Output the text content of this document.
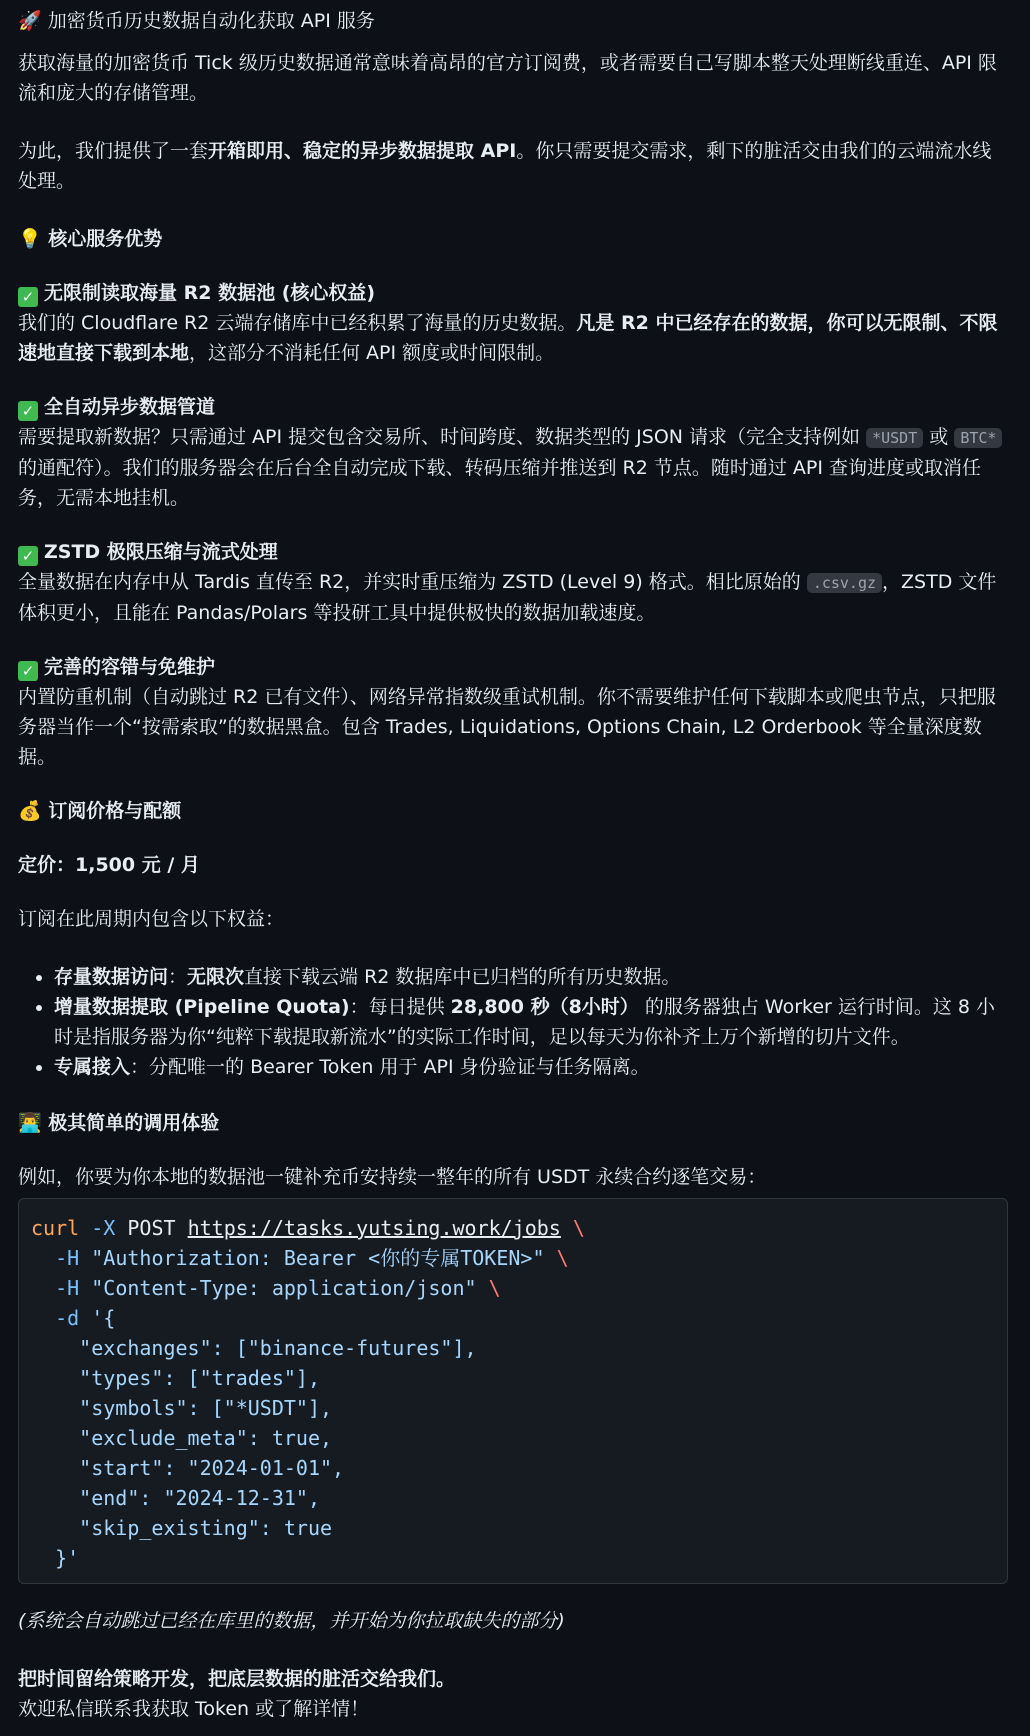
🚀 加密货币历史数据自动化获取 API 服务

获取海量的加密货币 Tick 级历史数据通常意味着高昂的官方订阅费，或者需要自己写脚本整天处理断线重连、API 限流和庞大的存储管理。

为此，我们提供了一套开箱即用、稳定的异步数据提取 API。你只需要提交需求，剩下的脏活交由我们的云端流水线处理。

💡 核心服务优势

✓ 无限制读取海量 R2 数据池 (核心权益)

我们的 Cloudflare R2 云端存储库中已经积累了海量的历史数据。凡是 R2 中已经存在的数据，你可以无限制、不限速地直接下载到本地，这部分不消耗任何 API 额度或时间限制。

✓ 全自动异步数据管道

需要提取新数据？只需通过 API 提交包含交易所、时间跨度、数据类型的 JSON 请求（完全支持例如 *USDT 或 BTC* 的通配符）。我们的服务器会在后台全自动完成下载、转码压缩并推送到 R2 节点。随时通过 API 查询进度或取消任务，无需本地挂机。

✓ ZSTD 极限压缩与流式处理

全量数据在内存中从 Tardis 直传至 R2，并实时重压缩为 ZSTD (Level 9) 格式。相比原始的 .csv.gz ，ZSTD 文件体积更小，且能在 Pandas/Polars 等投研工具中提供极快的数据加载速度。

✓ 完善的容错与免维护

内置防重机制（自动跳过 R2 已有文件）、网络异常指数级重试机制。你不需要维护任何下载脚本或爬虫节点，只把服务器当作一个“按需索取”的数据黑盒。包含 Trades, Liquidations, Options Chain, L2 Orderbook 等全量深度数据。

💰 订阅价格与配额

定价：1,500 元 / 月

订阅在此周期内包含以下权益：

• 存量数据访问：无限次直接下载云端 R2 数据库中已归档的所有历史数据。
• 增量数据提取 (Pipeline Quota)：每日提供 28,800 秒（8小时） 的服务器独占 Worker 运行时间。这 8 小时是指服务器为你“纯粹下载提取新流水”的实际工作时间，足以每天为你补齐上万个新增的切片文件。
• 专属接入：分配唯一的 Bearer Token 用于 API 身份验证与任务隔离。

👨‍💻 极其简单的调用体验

例如，你要为你本地的数据池一键补充币安持续一整年的所有 USDT 永续合约逐笔交易：

curl -X POST https://tasks.yutsing.work/jobs \
-H "Authorization: Bearer <你的专属TOKEN>" \
-H "Content-Type: application/json" \
-d '{
"exchanges": ["binance-futures"],
"types": ["trades"],
"symbols": ["*USDT"],
"exclude_meta": true,
"start": "2024-01-01",
"end": "2024-12-31",
"skip_existing": true
}'

(系统会自动跳过已经在库里的数据，并开始为你拉取缺失的部分)

把时间留给策略开发，把底层数据的脏活交给我们。

欢迎私信联系我获取 Token 或了解详情！
